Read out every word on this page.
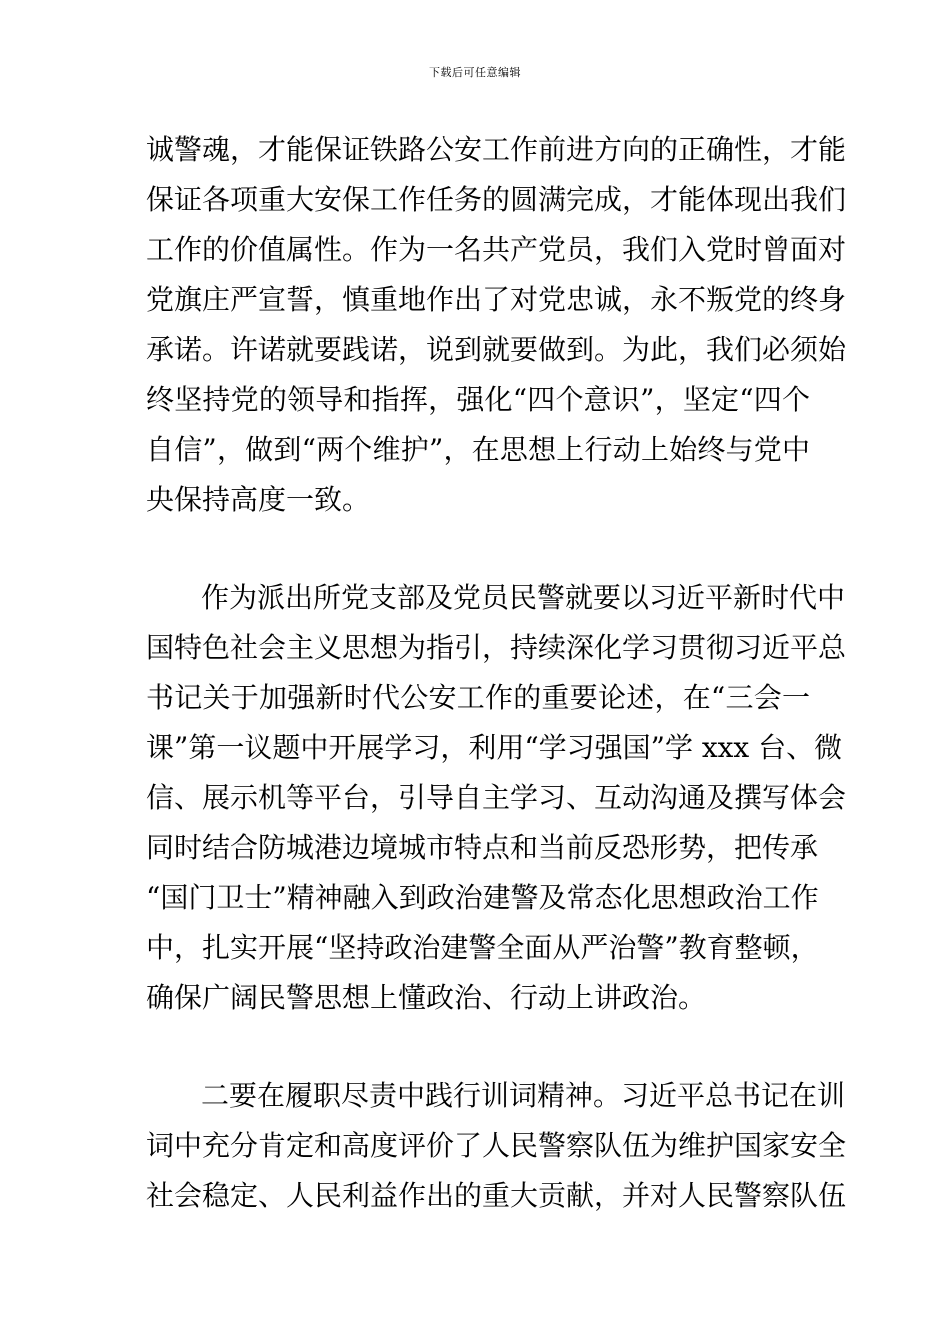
下载后可任意编辑
诚警魂，才能保证铁路公安工作前进方向的正确性，才能
保证各项重大安保工作任务的圆满完成，才能体现出我们
工作的价值属性。作为一名共产党员，我们入党时曾面对
党旗庄严宣誓，慎重地作出了对党忠诚，永不叛党的终身
承诺。许诺就要践诺，说到就要做到。为此，我们必须始
终坚持党的领导和指挥，强化“四个意识”，坚定“四个
自信”，做到“两个维护”，在思想上行动上始终与党中
央保持高度一致。
作为派出所党支部及党员民警就要以习近平新时代中
国特色社会主义思想为指引，持续深化学习贯彻习近平总
书记关于加强新时代公安工作的重要论述，在“三会一
课”第一议题中开展学习，利用“学习强国”学 xxx 台、微
信、展示机等平台，引导自主学习、互动沟通及撰写体会
同时结合防城港边境城市特点和当前反恐形势，把传承
“国门卫士”精神融入到政治建警及常态化思想政治工作
中，扎实开展“坚持政治建警全面从严治警”教育整顿，
确保广阔民警思想上懂政治、行动上讲政治。
二要在履职尽责中践行训词精神。习近平总书记在训
词中充分肯定和高度评价了人民警察队伍为维护国家安全
社会稳定、人民利益作出的重大贡献，并对人民警察队伍
